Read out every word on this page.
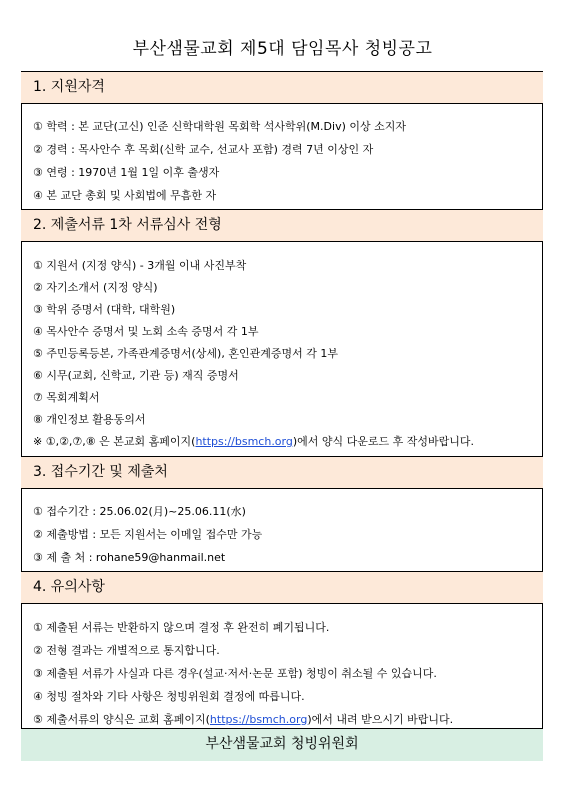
부산샘물교회 제5대 담임목사 청빙공고
1. 지원자격
① 학력 : 본 교단(고신) 인준 신학대학원 목회학 석사학위(M.Div) 이상 소지자
② 경력 : 목사안수 후 목회(신학 교수, 선교사 포함) 경력 7년 이상인 자
③ 연령 : 1970년 1월 1일 이후 출생자
④ 본 교단 총회 및 사회법에 무흠한 자
2. 제출서류 1차 서류심사 전형
① 지원서 (지정 양식) - 3개월 이내 사진부착
② 자기소개서 (지정 양식)
③ 학위 증명서 (대학, 대학원)
④ 목사안수 증명서 및 노회 소속 증명서 각 1부
⑤ 주민등록등본, 가족관계증명서(상세), 혼인관계증명서 각 1부
⑥ 시무(교회, 신학교, 기관 등) 재직 증명서
⑦ 목회계획서
⑧ 개인정보 활용동의서
※ ①,②,⑦,⑧ 은 본교회 홈페이지(https://bsmch.org)에서 양식 다운로드 후 작성바랍니다.
3. 접수기간 및 제출처
① 접수기간 : 25.06.02(月)~25.06.11(水)
② 제출방법 : 모든 지원서는 이메일 접수만 가능
③ 제 출 처 : rohane59@hanmail.net
4. 유의사항
① 제출된 서류는 반환하지 않으며 결정 후 완전히 폐기됩니다.
② 전형 결과는 개별적으로 통지합니다.
③ 제출된 서류가 사실과 다른 경우(설교·저서·논문 포함) 청빙이 취소될 수 있습니다.
④ 청빙 절차와 기타 사항은 청빙위원회 결정에 따릅니다.
⑤ 제출서류의 양식은 교회 홈페이지(https://bsmch.org)에서 내려 받으시기 바랍니다.
부산샘물교회 청빙위원회
